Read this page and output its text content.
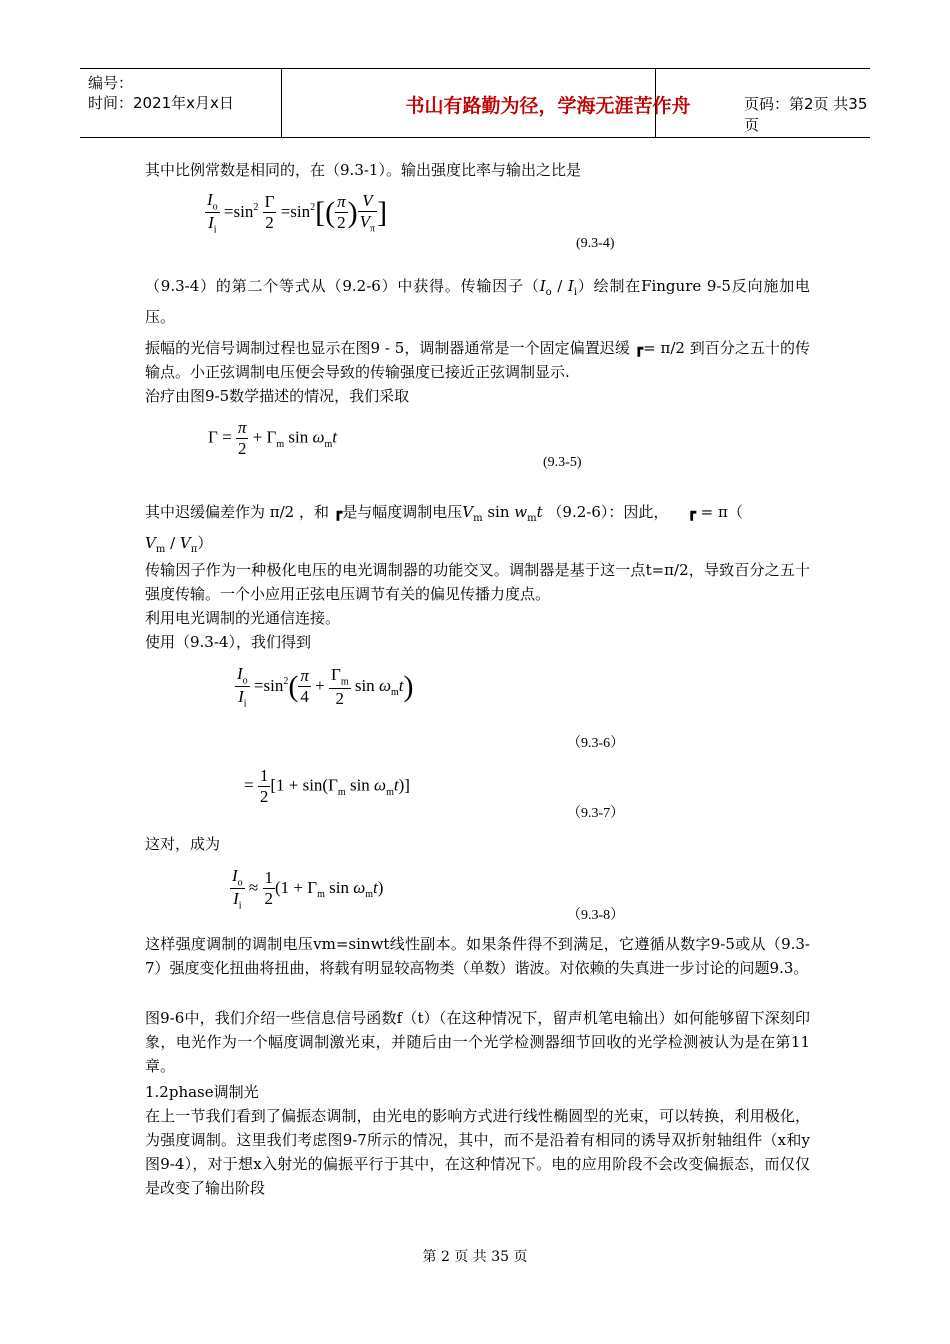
编号：
时间：2021年x月x日	书山有路勤为径，学海无涯苦作舟	页码：第2页 共35页

其中比例常数是相同的，在（9.3-1）。输出强度比率与输出之比是

$\frac{I_o}{I_i} =\sin^2 \frac{\Gamma}{2} =\sin^2[( \frac{\pi}{2}$ ) $\frac{V}{V_\pi}$ ]
(9.3-4)

（9.3-4）的第二个等式从（9.2-6）中获得。传输因子$(I_o / I_i)$绘制在Fingure 9-5反向施加电压。

振幅的光信号调制过程也显示在图9 - 5，调制器通常是一个固定偏置迟缓 ┏= π/2 到百分之五十的传输点。小正弦调制电压便会导致的传输强度已接近正弦调制显示.

治疗由图9-5数学描述的情况，我们采取

$\Gamma = \frac{\pi}{2} + \Gamma_m$ $\sin \omega_mt$
(9.3-5)

其中迟缓偏差作为 π/2 ，和 ┏是与幅度调制电压$V_m$ $\sin w_mt$ （9.2-6）：因此， ┏ = π（
$V_m / V_\pi$）

传输因子作为一种极化电压的电光调制器的功能交叉。调制器是基于这一点t=π/2，导致百分之五十强度传输。一个小应用正弦电压调节有关的偏见传播力度点。

利用电光调制的光通信连接。

使用（9.3-4），我们得到

$\frac{I_o}{I_i} =\sin^2( \frac{\pi}{4} + \frac{\Gamma_m}{2}$ $\sin \omega_mt$)
（9.3-6）
= $\frac{1}{2} [1 + \sin(\Gamma_m$ $\sin \omega_mt$)]
（9.3-7）

这对，成为

$\frac{I_o}{I_i} \approx \frac{1}{2} (1 + \Gamma_m$ $\sin \omega_mt$)
（9.3-8）

这样强度调制的调制电压vm=sinwt线性副本。如果条件得不到满足，它遵循从数字9-5或从（9.3-7）强度变化扭曲将扭曲，将载有明显较高物类（单数）谐波。对依赖的失真进一步讨论的问题9.3。

图9-6中，我们介绍一些信息信号函数f（t）（在这种情况下，留声机笔电输出）如何能够留下深刻印象，电光作为一个幅度调制激光束，并随后由一个光学检测器细节回收的光学检测被认为是在第11章。

1.2phase调制光

在上一节我们看到了偏振态调制，由光电的影响方式进行线性椭圆型的光束，可以转换，利用极化，为强度调制。这里我们考虑图9-7所示的情况，其中，而不是沿着有相同的诱导双折射轴组件（x和y图9-4），对于想x入射光的偏振平行于其中，在这种情况下。电的应用阶段不会改变偏振态，而仅仅是改变了输出阶段

第 2 页 共 35 页
